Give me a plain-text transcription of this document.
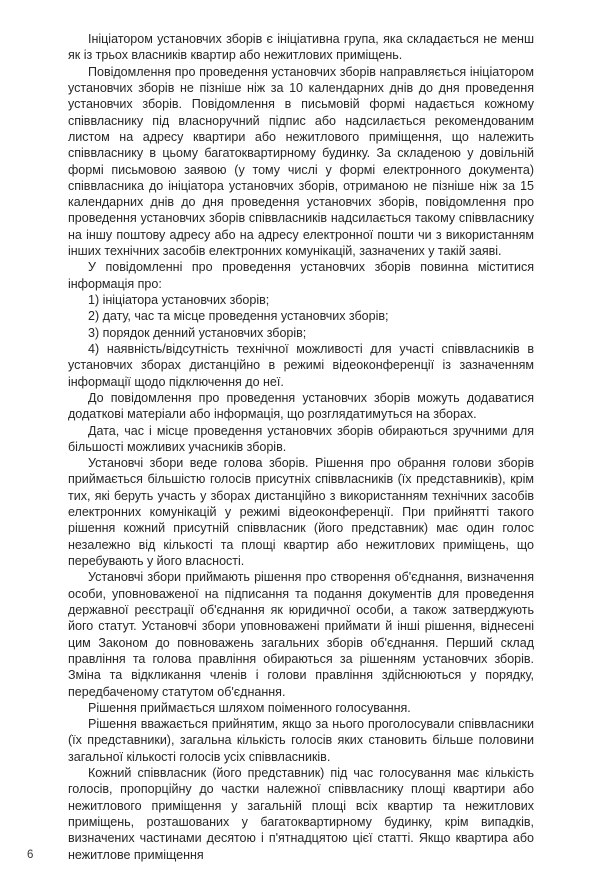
Ініціатором установчих зборів є ініціативна група, яка складається не менш як із трьох власників квартир або нежитлових приміщень.

Повідомлення про проведення установчих зборів направляється ініціатором установчих зборів не пізніше ніж за 10 календарних днів до дня проведення установчих зборів. Повідомлення в письмовій формі надається кожному співвласнику під власноручний підпис або надсилається рекомендованим листом на адресу квартири або нежитлового приміщення, що належить співвласнику в цьому багатоквартирному будинку. За складеною у довільній формі письмовою заявою (у тому числі у формі електронного документа) співвласника до ініціатора установчих зборів, отриманою не пізніше ніж за 15 календарних днів до дня проведення установчих зборів, повідомлення про проведення установчих зборів співвласників надсилається такому співвласнику на іншу поштову адресу або на адресу електронної пошти чи з використанням інших технічних засобів електронних комунікацій, зазначених у такій заяві.

У повідомленні про проведення установчих зборів повинна міститися інформація про:

1) ініціатора установчих зборів;

2) дату, час та місце проведення установчих зборів;

3) порядок денний установчих зборів;

4) наявність/відсутність технічної можливості для участі співвласників в установчих зборах дистанційно в режимі відеоконференції із зазначенням інформації щодо підключення до неї.

До повідомлення про проведення установчих зборів можуть додаватися додаткові матеріали або інформація, що розглядатимуться на зборах.

Дата, час і місце проведення установчих зборів обираються зручними для більшості можливих учасників зборів.

Установчі збори веде голова зборів. Рішення про обрання голови зборів приймається більшістю голосів присутніх співвласників (їх представників), крім тих, які беруть участь у зборах дистанційно з використанням технічних засобів електронних комунікацій у режимі відеоконференції. При прийнятті такого рішення кожний присутній співвласник (його представник) має один голос незалежно від кількості та площі квартир або нежитлових приміщень, що перебувають у його власності.

Установчі збори приймають рішення про створення об'єднання, визначення особи, уповноваженої на підписання та подання документів для проведення державної реєстрації об'єднання як юридичної особи, а також затверджують його статут. Установчі збори уповноважені приймати й інші рішення, віднесені цим Законом до повноважень загальних зборів об'єднання. Перший склад правління та голова правління обираються за рішенням установчих зборів. Зміна та відкликання членів і голови правління здійснюються у порядку, передбаченому статутом об'єднання.

Рішення приймається шляхом поіменного голосування.

Рішення вважається прийнятим, якщо за нього проголосували співвласники (їх представники), загальна кількість голосів яких становить більше половини загальної кількості голосів усіх співвласників.

Кожний співвласник (його представник) під час голосування має кількість голосів, пропорційну до частки належної співвласнику площі квартири або нежитлового приміщення у загальній площі всіх квартир та нежитлових приміщень, розташованих у багатоквартирному будинку, крім випадків, визначених частинами десятою і п'ятнадцятою цієї статті. Якщо квартира або нежитлове приміщення

6
